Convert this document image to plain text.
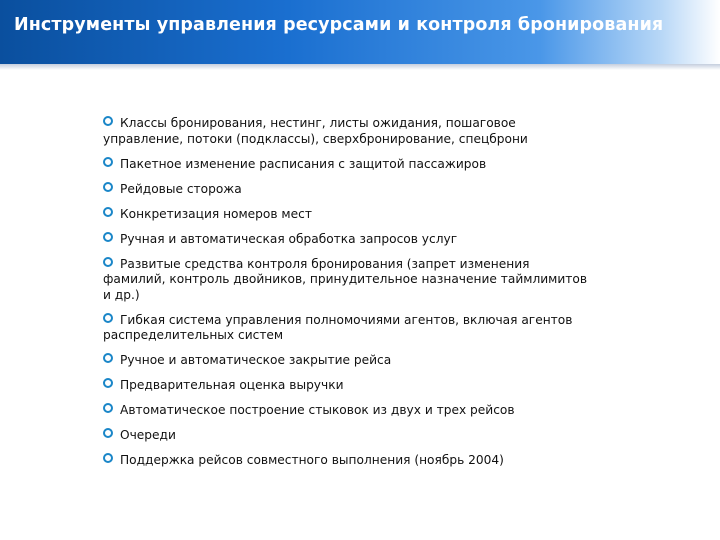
Инструменты управления ресурсами и контроля бронирования
Классы бронирования, нестинг, листы ожидания, пошаговое управление, потоки (подклассы), сверхбронирование, спецброни
Пакетное изменение расписания с защитой пассажиров
Рейдовые сторожа
Конкретизация номеров мест
Ручная и автоматическая обработка запросов услуг
Развитые средства контроля бронирования (запрет изменения фамилий, контроль двойников, принудительное назначение таймлимитов и др.)
Гибкая система управления полномочиями агентов, включая агентов распределительных систем
Ручное и автоматическое закрытие рейса
Предварительная оценка выручки
Автоматическое построение стыковок из двух и трех рейсов
Очереди
Поддержка рейсов совместного выполнения (ноябрь 2004)
